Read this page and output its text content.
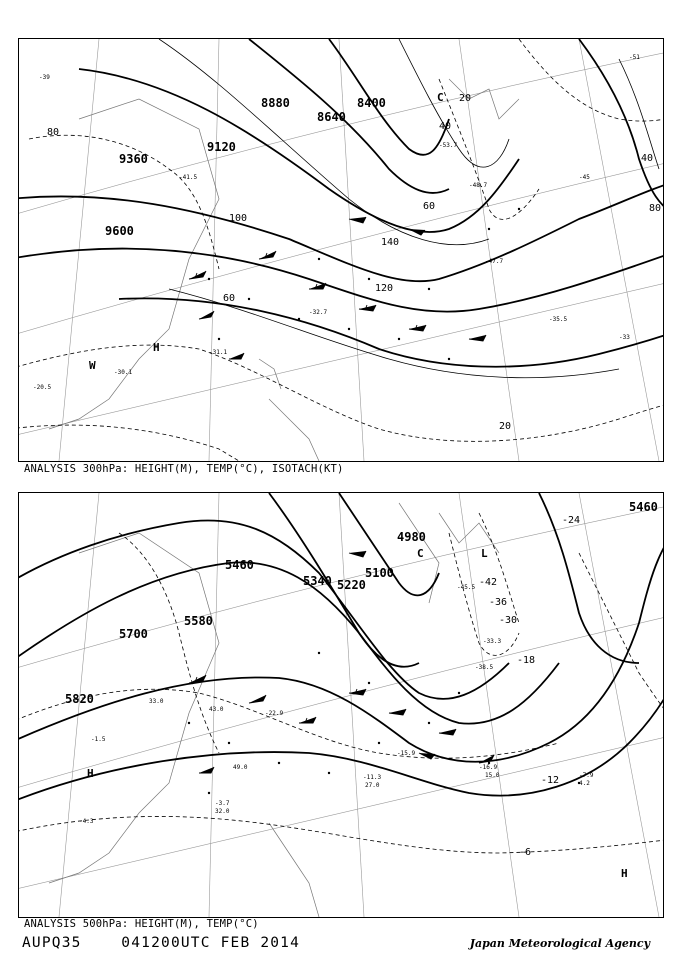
8400
8640
8880
9120
9360
9600
20
20
40
40
60
60
80
80
100
120
140
-39
-33
-45
-51
-53.7
-48.7
-47.7
-35.5
-31.1
-30.1
-20.5
-32.7
-41.5
C
H
W
ANALYSIS 300hPa: HEIGHT(M), TEMP(°C), ISOTACH(KT)
4980
5100
5220
5340
5460
5460
5580
5700
5820
-42
-36
-30
-24
-18
-12
-6
-45.5
-38.5
-33.3
-22.9
-15.9
-16.9
-11.3	-7.9
-3.7
-4.3
-1.5
43.0
33.0
49.0
15.0
27.0
32.0
4.2
C	L
H
H
ANALYSIS 500hPa: HEIGHT(M), TEMP(°C)
AUPQ35    041200UTC FEB 2014	Japan Meteorological Agency
